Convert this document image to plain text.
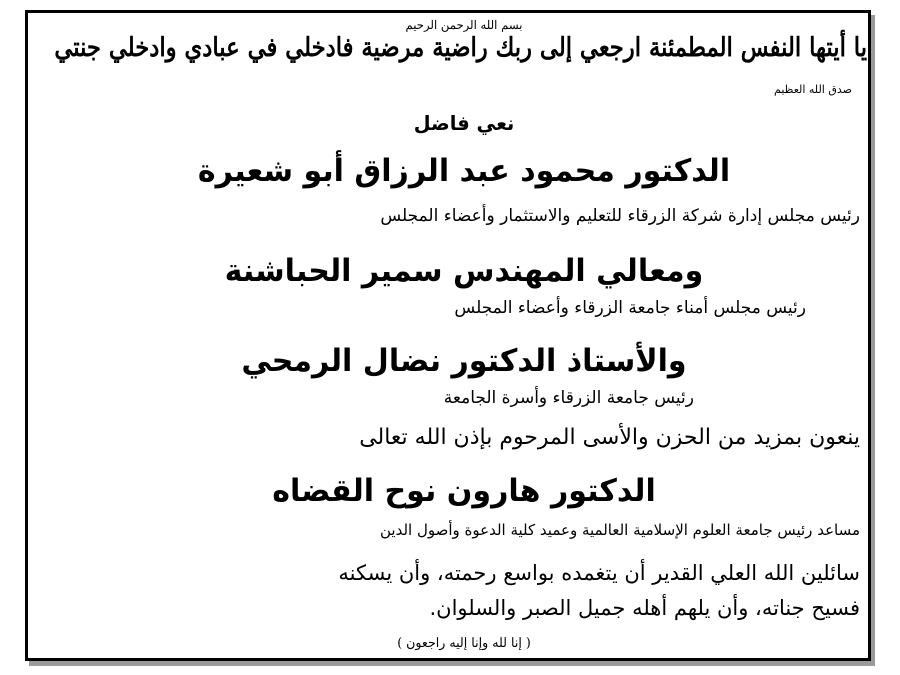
بسم الله الرحمن الرحيم
يا أيتها النفس المطمئنة ارجعي إلى ربك راضية مرضية فادخلي في عبادي وادخلي جنتي
صدق الله العظيم
نعي فاضل
الدكتور محمود عبد الرزاق أبو شعيرة
رئيس مجلس إدارة شركة الزرقاء للتعليم والاستثمار وأعضاء المجلس
ومعالي المهندس سمير الحباشنة
رئيس مجلس أمناء جامعة الزرقاء وأعضاء المجلس
والأستاذ الدكتور نضال الرمحي
رئيس جامعة الزرقاء وأسرة الجامعة
ينعون بمزيد من الحزن والأسى المرحوم بإذن الله تعالى
الدكتور هارون نوح القضاه
مساعد رئيس جامعة العلوم الإسلامية العالمية وعميد كلية الدعوة وأصول الدين
سائلين الله العلي القدير أن يتغمده بواسع رحمته، وأن يسكنه
فسيح جناته، وأن يلهم أهله جميل الصبر والسلوان.
( إنا لله وإنا إليه راجعون )
